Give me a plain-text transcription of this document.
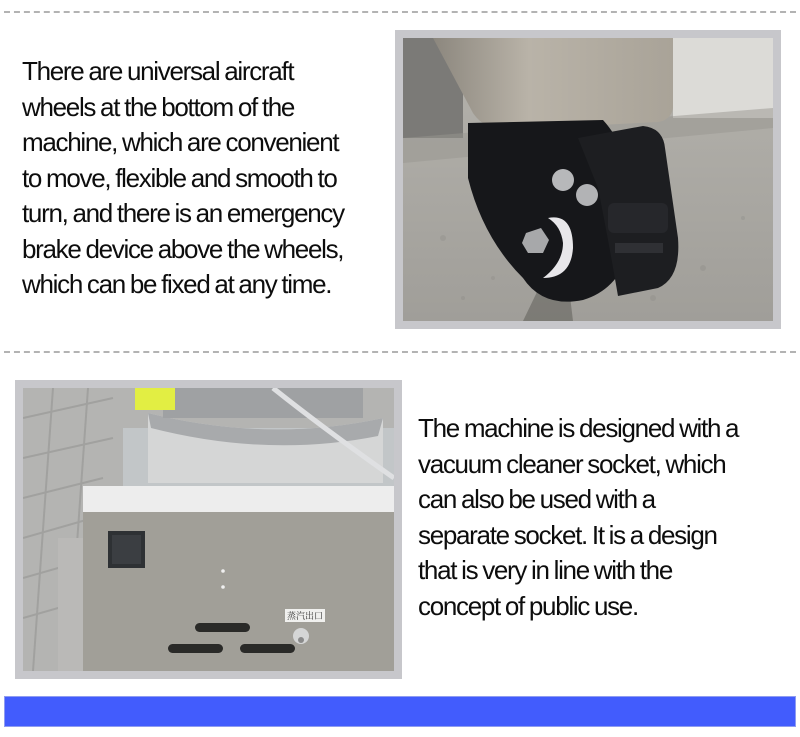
There are universal aircraft
wheels at the bottom of the
machine, which are convenient
to move, flexible and smooth to
turn, and there is an emergency
brake device above the wheels,
which can be fixed at any time.

蒸汽出口

The machine is designed with a
vacuum cleaner socket, which
can also be used with a
separate socket. It is a design
that is very in line with the
concept of public use.
